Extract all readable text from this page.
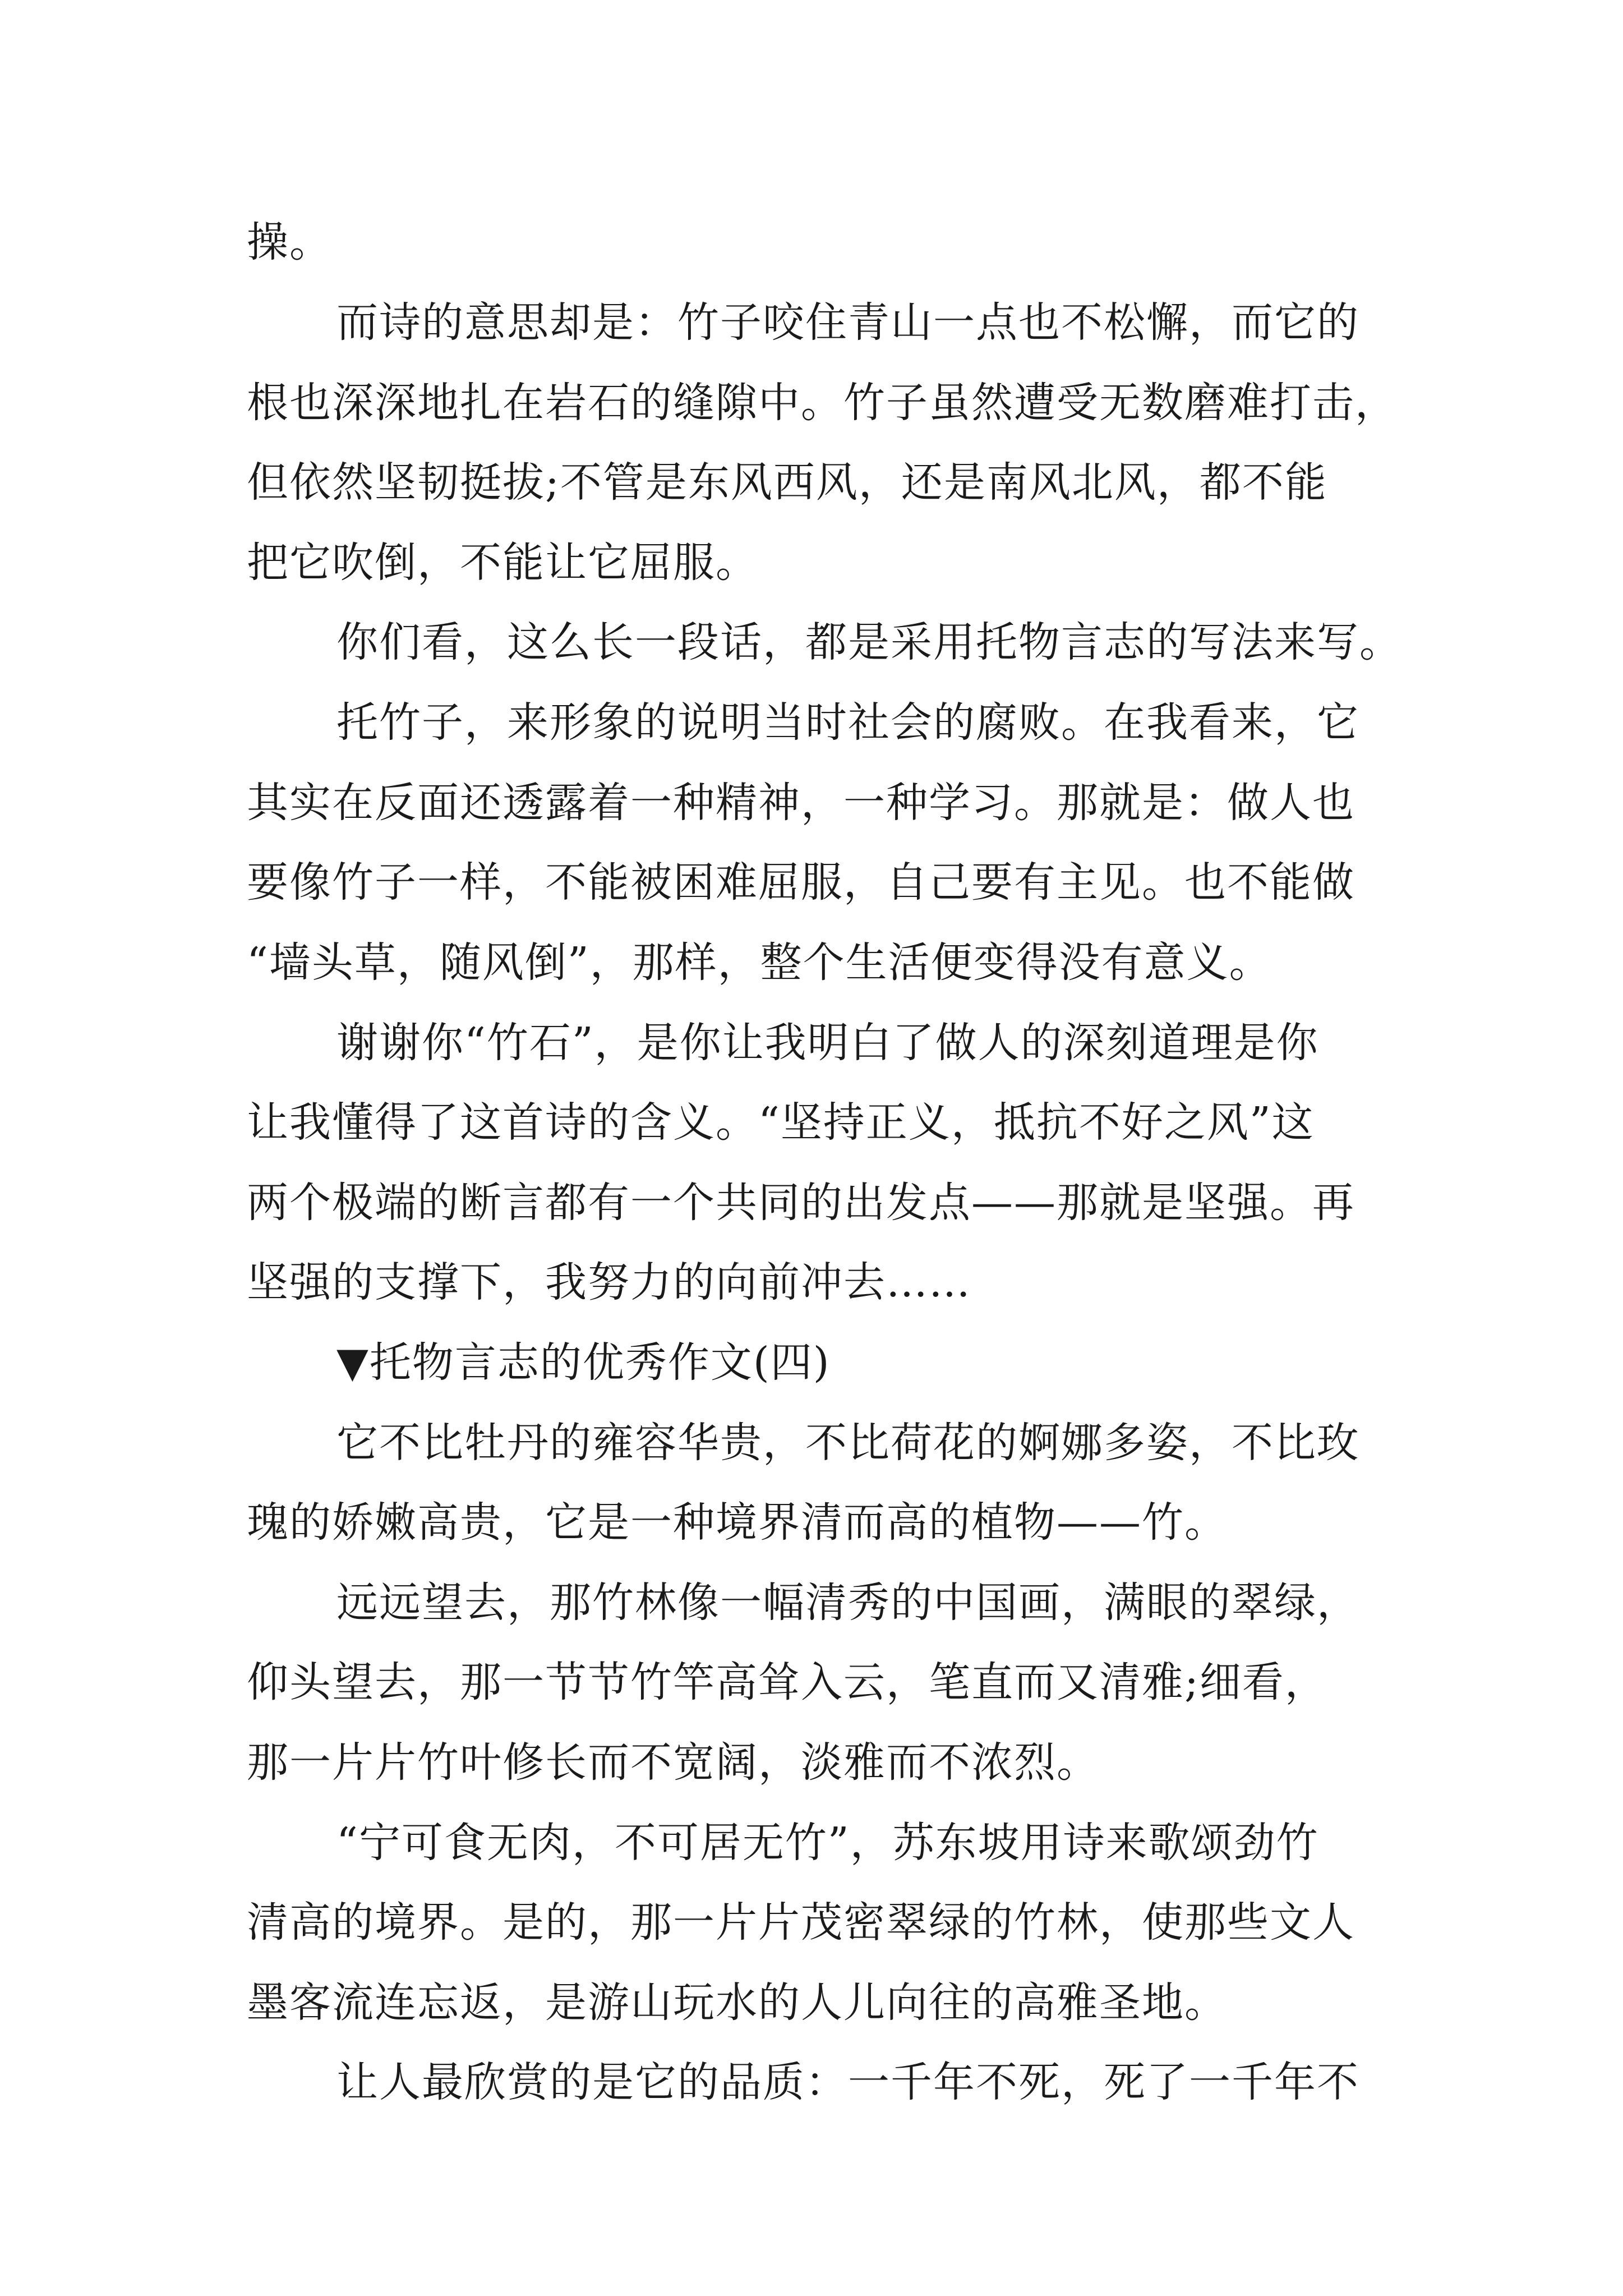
操。
而诗的意思却是：竹子咬住青山一点也不松懈，而它的
根也深深地扎在岩石的缝隙中。竹子虽然遭受无数磨难打击，
但依然坚韧挺拔;不管是东风西风，还是南风北风，都不能
把它吹倒，不能让它屈服。
你们看，这么长一段话，都是采用托物言志的写法来写。
托竹子，来形象的说明当时社会的腐败。在我看来，它
其实在反面还透露着一种精神，一种学习。那就是：做人也
要像竹子一样，不能被困难屈服，自己要有主见。也不能做
“墙头草，随风倒”，那样，整个生活便变得没有意义。
谢谢你“竹石”，是你让我明白了做人的深刻道理是你
让我懂得了这首诗的含义。“坚持正义，抵抗不好之风”这
两个极端的断言都有一个共同的出发点——那就是坚强。再
坚强的支撑下，我努力的向前冲去……
▼托物言志的优秀作文(四)
它不比牡丹的雍容华贵，不比荷花的婀娜多姿，不比玫
瑰的娇嫩高贵，它是一种境界清而高的植物——竹。
远远望去，那竹林像一幅清秀的中国画，满眼的翠绿，
仰头望去，那一节节竹竿高耸入云，笔直而又清雅;细看，
那一片片竹叶修长而不宽阔，淡雅而不浓烈。
“宁可食无肉，不可居无竹”，苏东坡用诗来歌颂劲竹
清高的境界。是的，那一片片茂密翠绿的竹林，使那些文人
墨客流连忘返，是游山玩水的人儿向往的高雅圣地。
让人最欣赏的是它的品质：一千年不死，死了一千年不
